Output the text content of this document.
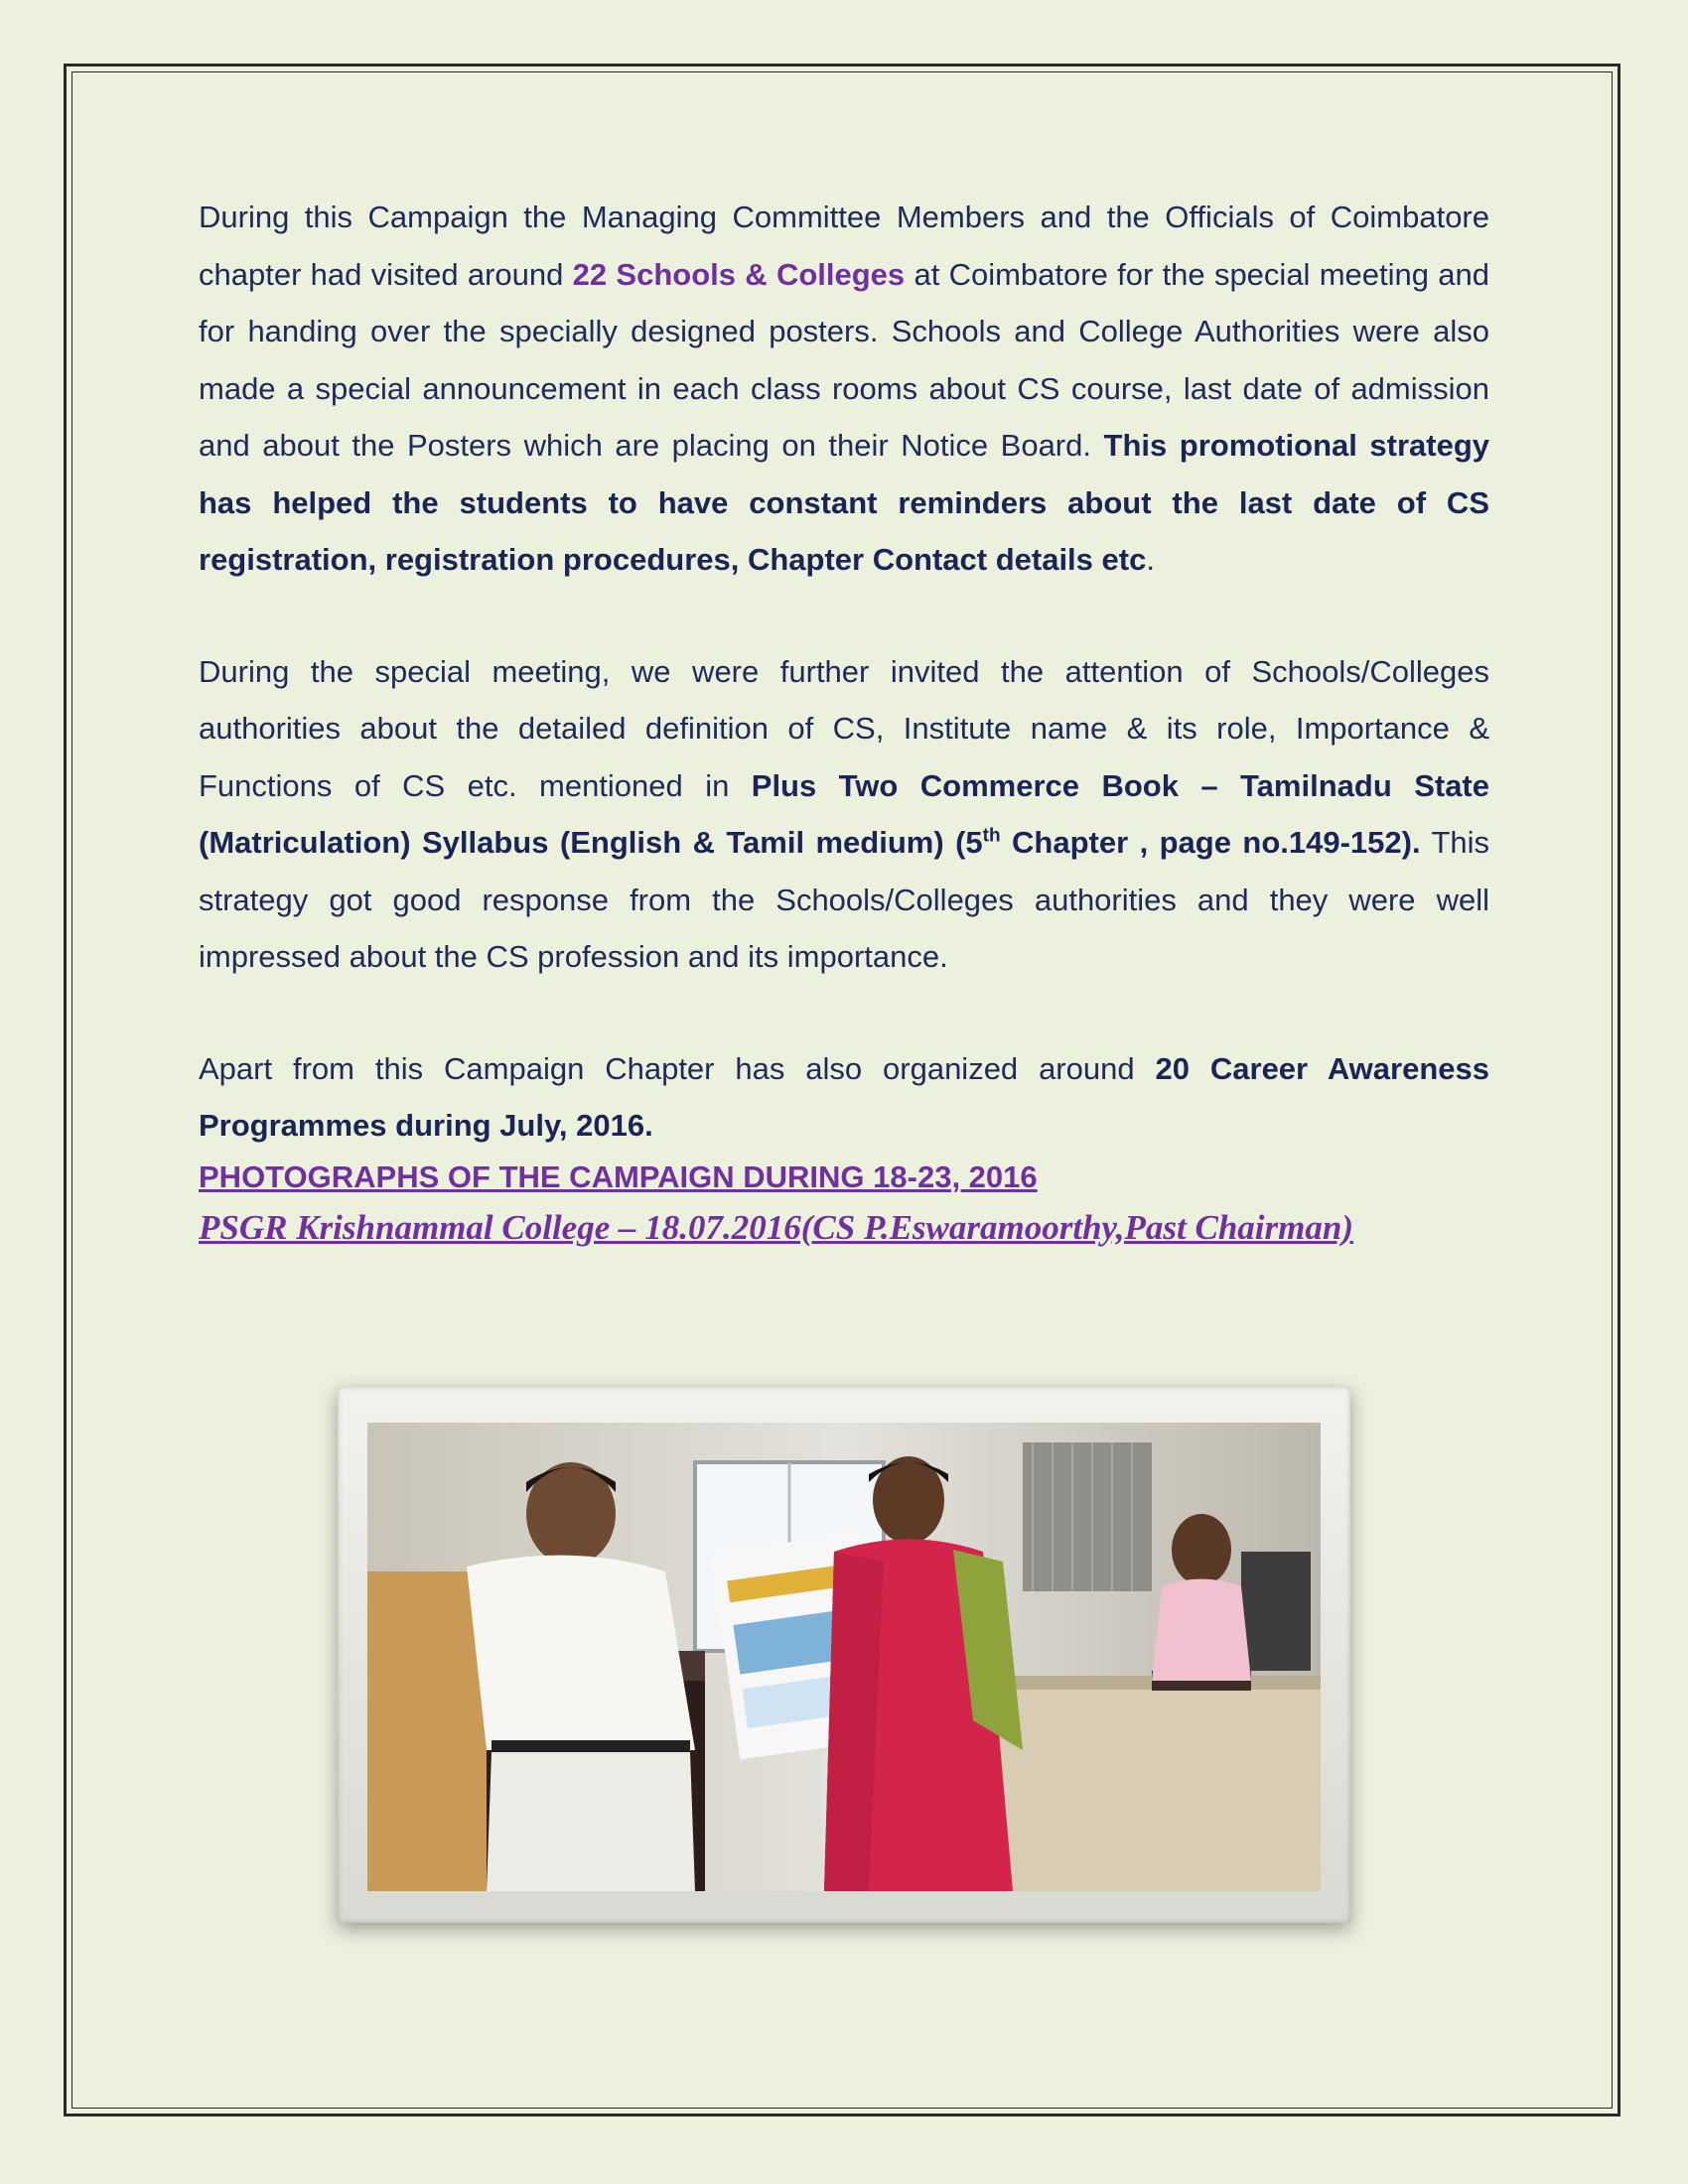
During this Campaign the Managing Committee Members and the Officials of Coimbatore chapter had visited around 22 Schools & Colleges at Coimbatore for the special meeting and for handing over the specially designed posters. Schools and College Authorities were also made a special announcement in each class rooms about CS course, last date of admission and about the Posters which are placing on their Notice Board. This promotional strategy has helped the students to have constant reminders about the last date of CS registration, registration procedures, Chapter Contact details etc.

During the special meeting, we were further invited the attention of Schools/Colleges authorities about the detailed definition of CS, Institute name & its role, Importance & Functions of CS etc. mentioned in Plus Two Commerce Book – Tamilnadu State (Matriculation) Syllabus (English & Tamil medium) (5th Chapter , page no.149-152). This strategy got good response from the Schools/Colleges authorities and they were well impressed about the CS profession and its importance.

Apart from this Campaign Chapter has also organized around 20 Career Awareness Programmes during July, 2016.

PHOTOGRAPHS OF THE CAMPAIGN DURING 18-23, 2016

PSGR Krishnammal College – 18.07.2016(CS P.Eswaramoorthy,Past Chairman)
